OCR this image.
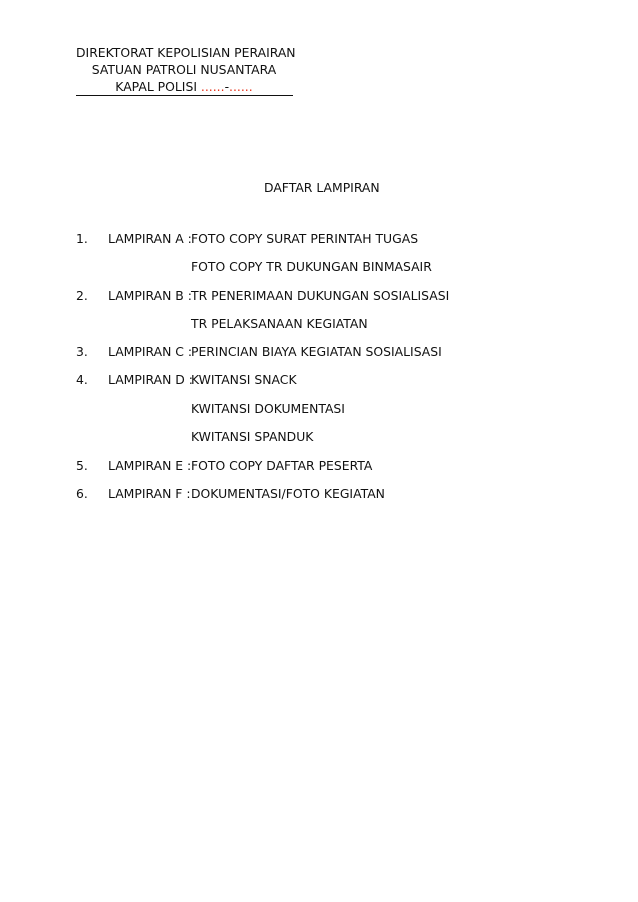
DIREKTORAT KEPOLISIAN PERAIRAN
SATUAN PATROLI NUSANTARA
KAPAL POLISI ......-......
DAFTAR LAMPIRAN
1. LAMPIRAN A : FOTO COPY SURAT PERINTAH TUGAS
FOTO COPY TR DUKUNGAN BINMASAIR
2. LAMPIRAN B : TR PENERIMAAN DUKUNGAN SOSIALISASI
TR PELAKSANAAN KEGIATAN
3. LAMPIRAN C :
PERINCIAN BIAYA KEGIATAN SOSIALISASI
4. LAMPIRAN D :
KWITANSI SNACK
KWITANSI DOKUMENTASI
KWITANSI SPANDUK
5. LAMPIRAN E : FOTO COPY DAFTAR PESERTA
6. LAMPIRAN F : DOKUMENTASI/FOTO KEGIATAN
